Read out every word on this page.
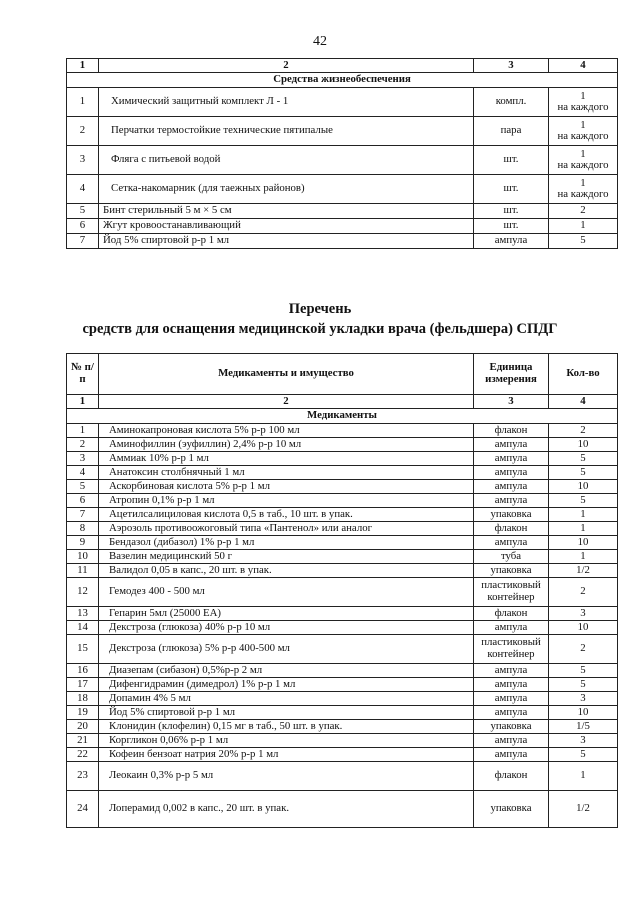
42
1	2	3	4
Средства жизнеобеспечения			
1	Химический защитный комплект Л - 1	компл.	1
на каждого

2	Перчатки термостойкие технические пятипалые	пара	1
на каждого

3	Фляга с питьевой водой	шт.	1
на каждого

4	Сетка-накомарник (для таежных районов)	шт.	1
на каждого

5	Бинт стерильный 5 м × 5 см	шт.	2

6	Жгут кровоостанавливающий	шт.	1

7	Йод 5% спиртовой р-р 1 мл	ампула	5
Перечень
средств для оснащения медицинской укладки врача (фельдшера) СПДГ
№ п/п	Медикаменты и имущество	Единица измерения	Кол-во
1	2	3	4
Медикаменты			
1	Аминокапроновая кислота 5% р-р 100 мл	флакон	2
2	Аминофиллин (эуфиллин) 2,4% р-р 10 мл	ампула	10
3	Аммиак 10% р-р 1 мл	ампула	5
4	Анатоксин столбнячный 1 мл	ампула	5
5	Аскорбиновая кислота 5% р-р 1 мл	ампула	10
6	Атропин 0,1% р-р 1 мл	ампула	5
7	Ацетилсалициловая кислота 0,5 в таб., 10 шт. в упак.	упаковка	1
8	Аэрозоль противоожоговый типа «Пантенол» или аналог	флакон	1
9	Бендазол (дибазол) 1% р-р 1 мл	ампула	10
10	Вазелин медицинский 50 г	туба	1
11	Валидол 0,05 в капс., 20 шт. в упак.	упаковка	1/2
12	Гемодез 400 - 500 мл	пластиковый контейнер	2
13	Гепарин 5мл (25000 ЕА)	флакон	3
14	Декстроза (глюкоза) 40% р-р 10 мл	ампула	10
15	Декстроза (глюкоза) 5% р-р 400-500 мл	пластиковый контейнер	2
16	Диазепам (сибазон) 0,5%р-р 2 мл	ампула	5
17	Дифенгидрамин (димедрол) 1% р-р 1 мл	ампула	5
18	Допамин 4% 5 мл	ампула	3
19	Йод 5% спиртовой р-р 1 мл	ампула	10
20	Клонидин (клофелин) 0,15 мг в таб., 50 шт. в упак.	упаковка	1/5
21	Коргликон 0,06% р-р 1 мл	ампула	3
22	Кофеин бензоат натрия 20% р-р 1 мл	ампула	5
23	Леокаин 0,3% р-р 5 мл	флакон	1
24	Лоперамид 0,002 в капс., 20 шт. в упак.	упаковка	1/2
